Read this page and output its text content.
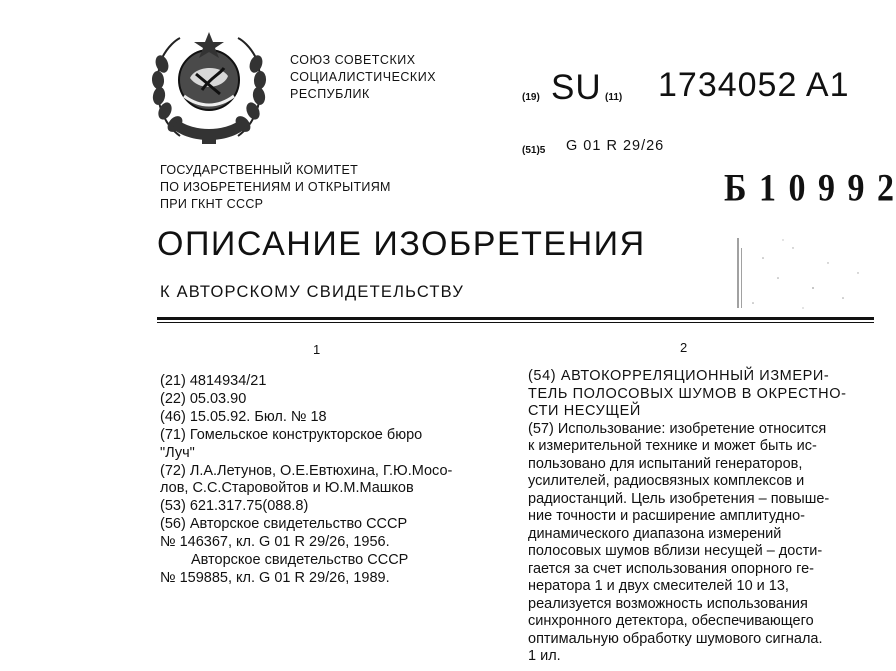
СОЮЗ СОВЕТСКИХ
СОЦИАЛИСТИЧЕСКИХ
РЕСПУБЛИК
ГОСУДАРСТВЕННЫЙ КОМИТЕТ
ПО ИЗОБРЕТЕНИЯМ И ОТКРЫТИЯМ
ПРИ ГКНТ СССР
(19) SU (11) 1734052 A1
(51)5 G 01 R 29/26
Б 1 0 9 9 2
ОПИСАНИЕ ИЗОБРЕТЕНИЯ
К АВТОРСКОМУ СВИДЕТЕЛЬСТВУ
1	2
(21) 4814934/21
(22) 05.03.90
(46) 15.05.92. Бюл. № 18
(71) Гомельское конструкторское бюро
"Луч"
(72) Л.А.Летунов, О.Е.Евтюхина, Г.Ю.Мосо-
лов, С.С.Старовойтов и Ю.М.Машков
(53) 621.317.75(088.8)
(56) Авторское свидетельство СССР
№ 146367, кл. G 01 R 29/26, 1956.
Авторское свидетельство СССР
№ 159885, кл. G 01 R 29/26, 1989.
(54) АВТОКОРРЕЛЯЦИОННЫЙ ИЗМЕРИ-
ТЕЛЬ ПОЛОСОВЫХ ШУМОВ В ОКРЕСТНО-
СТИ НЕСУЩЕЙ
(57) Использование: изобретение относится
к измерительной технике и может быть ис-
пользовано для испытаний генераторов,
усилителей, радиосвязных комплексов и
радиостанций. Цель изобретения – повыше-
ние точности и расширение амплитудно-
динамического диапазона измерений
полосовых шумов вблизи несущей – дости-
гается за счет использования опорного ге-
нератора 1 и двух смесителей 10 и 13,
реализуется возможность использования
синхронного детектора, обеспечивающего
оптимальную обработку шумового сигнала.
1 ил.
